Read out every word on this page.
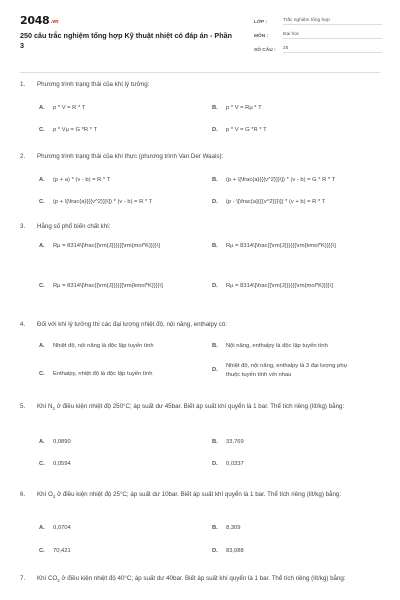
2048.vn
250 câu trắc nghiệm tổng hợp Kỹ thuật nhiệt có đáp án - Phần 3
LỚP :	Trắc nghiệm tổng hợp
MÔN :	Đại học
SỐ CÂU :	25
1.	Phương trình trạng thái của khí lý tưởng:
A.	p * V = R * T	B.	p * V = Rμ * T
C.	p * Vμ = G *R * T	D.	p * V = G *R * T
2.	Phương trình trạng thái của khí thực (phương trình Van Der Waals):
A.	(p + a) * (v - b) = R * T	B.	(p + \[\frac{a}{{{v^2}}}\]) * (v - b) = G * R * T
C.	(p + \[\frac{a}{{{v^2}}}\]) * (v - b) = R * T	D.	(p - \[\frac{a}{{{v^2}}}\]) * (v + b) = R * T
3.	Hằng số phổ biến chất khí:
A.	Rμ = 8314\[\frac{{\rm{J}}}{{{\rm{mol*K}}}}\]	B.	Rμ = 8314\[\frac{{\rm{J}}}{{{\rm{kmol*K}}}}\]
C.	Rμ = 8314\[\frac{{\rm{J}}}{{{\rm{kmol*K}}}}\]	D.	Rμ = 8314\[\frac{{\rm{J}}}{{{\rm{mol*K}}}}\]
4.	Đối với khí lý tưởng thì các đại lượng nhiệt độ, nội năng, enthalpy có:
A.	Nhiệt độ, nội năng là độc lập tuyến tính	B.	Nội năng, enthalpy là độc lập tuyến tính
C.	Enthalpy, nhiệt độ là độc lập tuyến tính
D.
Nhiệt độ, nội năng, enthalpy là 3 đại lượng phụ thuộc tuyến tính với nhau
5.	Khí $N_2$ ở điều kiện nhiệt độ 250°C; áp suất dư 45bar. Biết áp suất khí quyển là 1 bar. Thể tích riêng (lít/kg) bằng:
A.	0,0890	B.	33,769
C.	0,0594	D.	0,0337
6.	Khí $O_2$ ở điều kiện nhiệt độ 25°C; áp suất dư 10bar. Biết áp suất khí quyển là 1 bar. Thể tích riêng (lít/kg) bằng:
A.	0,0704	B.	8,309
C.	70,421	D.	83,088
7.	Khí $CO_2$ ở điều kiện nhiệt độ 40°C; áp suất dư 40bar. Biết áp suất khí quyển là 1 bar. Thể tích riêng (lít/kg) bằng:
